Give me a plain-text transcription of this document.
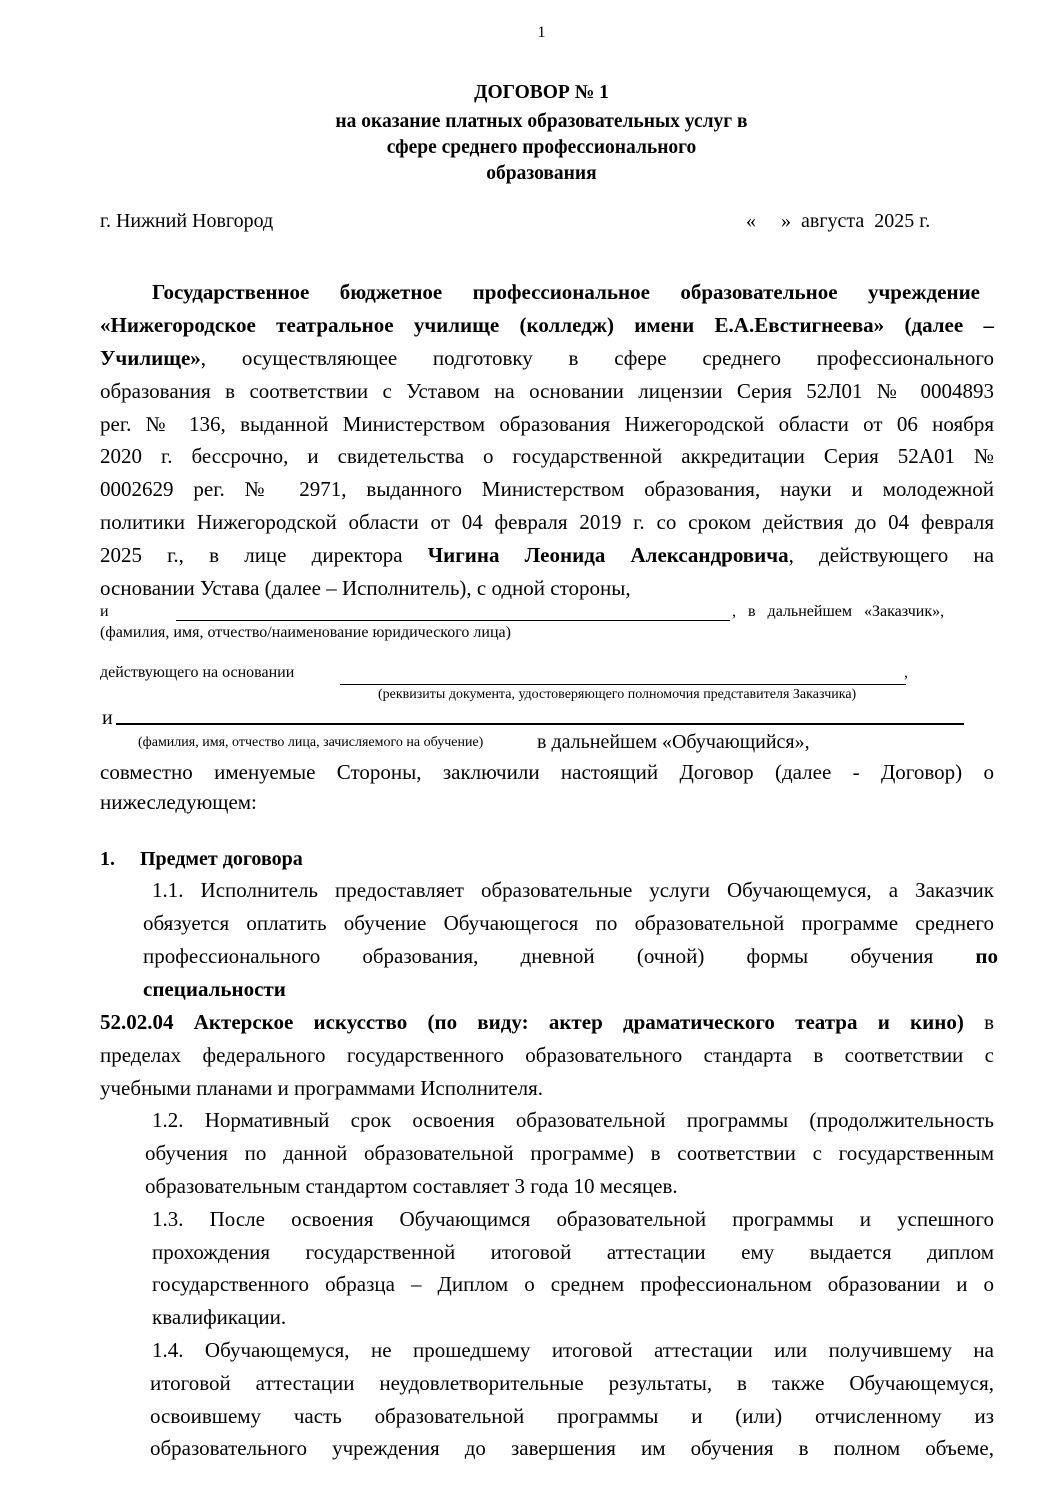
1
ДОГОВОР № 1
на оказание платных образовательных услуг в
сфере среднего профессионального
образования
г. Нижний Новгород	«     »  августа  2025 г.
Государственное бюджетное профессиональное образовательное учреждение
«Нижегородское театральное училище (колледж) имени Е.А.Евстигнеева» (далее –
Училище», осуществляющее подготовку в сфере среднего профессионального
образования в соответствии с Уставом на основании лицензии Серия 52Л01 № 0004893
рег. № 136, выданной Министерством образования Нижегородской области от 06 ноября
2020 г. бессрочно, и свидетельства о государственной аккредитации Серия 52А01 №
0002629 рег. № 2971, выданного Министерством образования, науки и молодежной
политики Нижегородской области от 04 февраля 2019 г. со сроком действия до 04 февраля
2025 г., в лице директора Чигина Леонида Александровича, действующего на
основании Устава (далее – Исполнитель), с одной стороны,
и	,   в   дальнейшем   «Заказчик»,
(фамилия, имя, отчество/наименование юридического лица)
действующего на основании	,
(реквизиты документа, удостоверяющего полномочия представителя Заказчика)
и
(фамилия, имя, отчество лица, зачисляемого на обучение) в дальнейшем «Обучающийся»,
совместно именуемые Стороны, заключили настоящий Договор (далее - Договор) о
нижеследующем:
1. Предмет договора
1.1. Исполнитель предоставляет образовательные услуги Обучающемуся, а Заказчик
обязуется оплатить обучение Обучающегося по образовательной программе среднего
профессионального образования, дневной (очной) формы обучения по
специальности
52.02.04 Актерское искусство (по виду: актер драматического театра и кино) в
пределах федерального государственного образовательного стандарта в соответствии с
учебными планами и программами Исполнителя.
1.2. Нормативный срок освоения образовательной программы (продолжительность
обучения по данной образовательной программе) в соответствии с государственным
образовательным стандартом составляет 3 года 10 месяцев.
1.3. После освоения Обучающимся образовательной программы и успешного
прохождения государственной итоговой аттестации ему выдается диплом
государственного образца – Диплом о среднем профессиональном образовании и о
квалификации.
1.4. Обучающемуся, не прошедшему итоговой аттестации или получившему на
итоговой аттестации неудовлетворительные результаты, в также Обучающемуся,
освоившему часть образовательной программы и (или) отчисленному из
образовательного учреждения до завершения им обучения в полном объеме,
